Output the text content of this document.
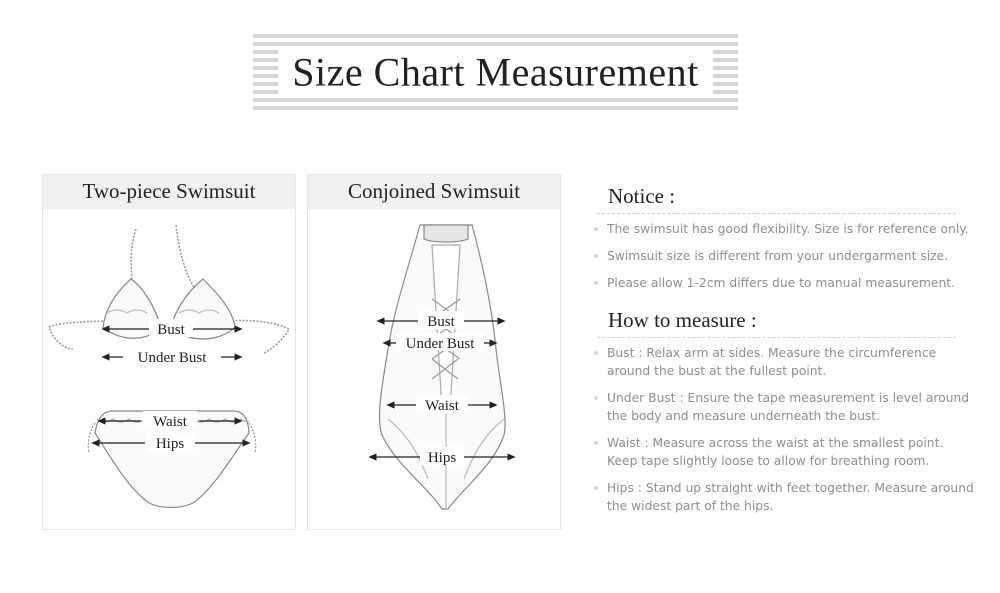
Size Chart Measurement
Two-piece Swimsuit
Bust
Under Bust
Waist
Hips
Conjoined Swimsuit
Bust
Under Bust
Waist
Hips
Notice :
The swimsuit has good flexibility. Size is for reference only.
Swimsuit size is different from your undergarment size.
Please allow 1-2cm differs due to manual measurement.
How to measure :
Bust : Relax arm at sides. Measure the circumference
around the bust at the fullest point.
Under Bust : Ensure the tape measurement is level around
the body and measure underneath the bust.
Waist : Measure across the waist at the smallest point.
Keep tape slightly loose to allow for breathing room.
Hips : Stand up straight with feet together. Measure around
the widest part of the hips.
